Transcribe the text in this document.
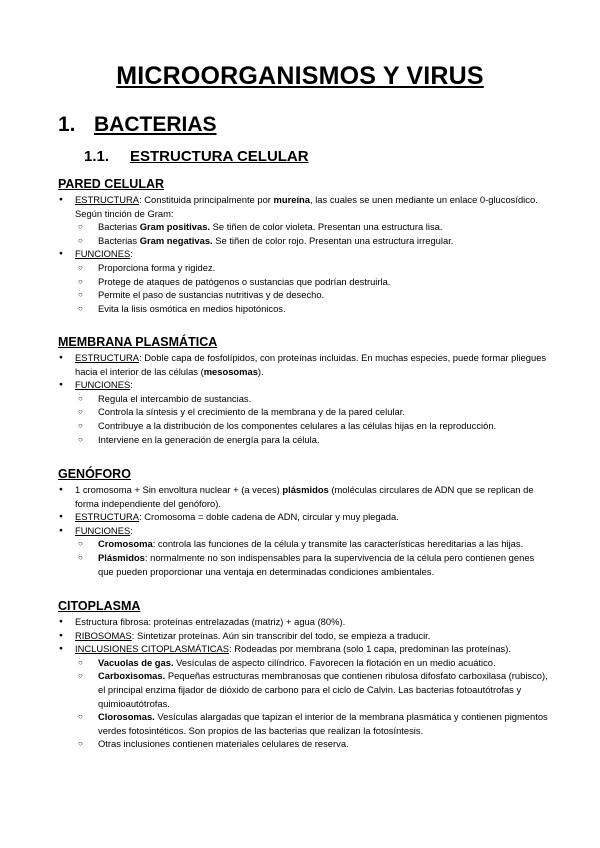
MICROORGANISMOS Y VIRUS
1. BACTERIAS
1.1. ESTRUCTURA CELULAR
PARED CELULAR
● ESTRUCTURA: Constituida principalmente por mureína, las cuales se unen mediante un enlace 0-glucosídico. Según tinción de Gram:
○ Bacterias Gram positivas. Se tiñen de color violeta. Presentan una estructura lisa.
○ Bacterias Gram negativas. Se tiñen de color rojo. Presentan una estructura irregular.
● FUNCIONES:
○ Proporciona forma y rigidez.
○ Protege de ataques de patógenos o sustancias que podrían destruirla.
○ Permite el paso de sustancias nutritivas y de desecho.
○ Evita la lisis osmótica en medios hipotónicos.
MEMBRANA PLASMÁTICA
● ESTRUCTURA: Doble capa de fosfolípidos, con proteínas incluidas. En muchas especies, puede formar pliegues hacia el interior de las células (mesosomas).
● FUNCIONES:
○ Regula el intercambio de sustancias.
○ Controla la síntesis y el crecimiento de la membrana y de la pared celular.
○ Contribuye a la distribución de los componentes celulares a las células hijas en la reproducción.
○ Interviene en la generación de energía para la célula.
GENÓFORO
● 1 cromosoma + Sin envoltura nuclear + (a veces) plásmidos (moléculas circulares de ADN que se replican de forma independiente del genóforo).
● ESTRUCTURA: Cromosoma = doble cadena de ADN, circular y muy plegada.
● FUNCIONES:
○ Cromosoma: controla las funciones de la célula y transmite las características hereditarias a las hijas.
○ Plásmidos: normalmente no son indispensables para la supervivencia de la célula pero contienen genes que pueden proporcionar una ventaja en determinadas condiciones ambientales.
CITOPLASMA
● Estructura fibrosa: proteínas entrelazadas (matriz) + agua (80%).
● RIBOSOMAS: Sintetizar proteínas. Aún sin transcribir del todo, se empieza a traducir.
● INCLUSIONES CITOPLASMÁTICAS: Rodeadas por membrana (solo 1 capa, predominan las proteínas).
○ Vacuolas de gas. Vesículas de aspecto cilíndrico. Favorecen la flotación en un medio acuático.
○ Carboxisomas. Pequeñas estructuras membranosas que contienen ribulosa difosfato carboxilasa (rubisco), el principal enzima fijador de dióxido de carbono para el ciclo de Calvin. Las bacterias fotoautótrofas y quimioautótrofas.
○ Clorosomas. Vesículas alargadas que tapizan el interior de la membrana plasmática y contienen pigmentos verdes fotosintéticos. Son propios de las bacterias que realizan la fotosíntesis.
○ Otras inclusiones contienen materiales celulares de reserva.
